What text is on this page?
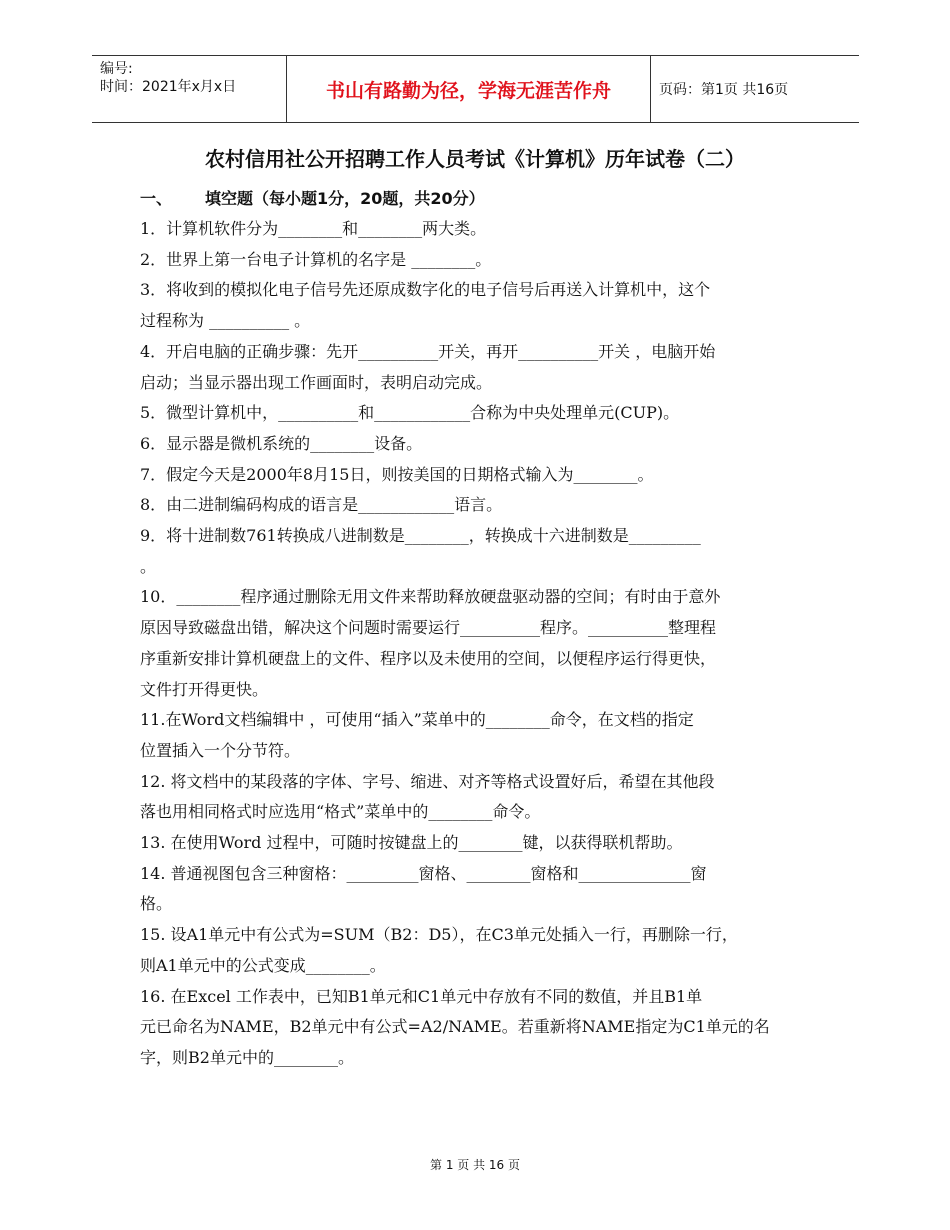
编号:
时间：2021年x月x日	书山有路勤为径，学海无涯苦作舟	页码：第1页 共16页
农村信用社公开招聘工作人员考试《计算机》历年试卷（二）
一、 填空题（每小题1分，20题，共20分）
1．计算机软件分为________和________两大类。
2．世界上第一台电子计算机的名字是 ________。
3．将收到的模拟化电子信号先还原成数字化的电子信号后再送入计算机中，这个
过程称为 __________ 。
4．开启电脑的正确步骤：先开__________开关，再开__________开关 ，电脑开始
启动；当显示器出现工作画面时，表明启动完成。
5．微型计算机中，__________和____________合称为中央处理单元(CUP)。
6．显示器是微机系统的________设备。
7．假定今天是2000年8月15日，则按美国的日期格式输入为________。
8．由二进制编码构成的语言是____________语言。
9．将十进制数761转换成八进制数是________，转换成十六进制数是_________
。
10．________程序通过删除无用文件来帮助释放硬盘驱动器的空间；有时由于意外
原因导致磁盘出错，解决这个问题时需要运行__________程序。__________整理程
序重新安排计算机硬盘上的文件、程序以及未使用的空间，以便程序运行得更快，
文件打开得更快。
11.在Word文档编辑中 ，可使用“插入”菜单中的________命令，在文档的指定
位置插入一个分节符。
12. 将文档中的某段落的字体、字号、缩进、对齐等格式设置好后，希望在其他段
落也用相同格式时应选用“格式”菜单中的________命令。
13. 在使用Word 过程中，可随时按键盘上的________键，以获得联机帮助。
14. 普通视图包含三种窗格：_________窗格、________窗格和______________窗
格。
15. 设A1单元中有公式为=SUM（B2：D5），在C3单元处插入一行，再删除一行，
则A1单元中的公式变成________。
16. 在Excel 工作表中，已知B1单元和C1单元中存放有不同的数值，并且B1单
元已命名为NAME，B2单元中有公式=A2/NAME。若重新将NAME指定为C1单元的名
字，则B2单元中的________。
第 1 页 共 16 页
